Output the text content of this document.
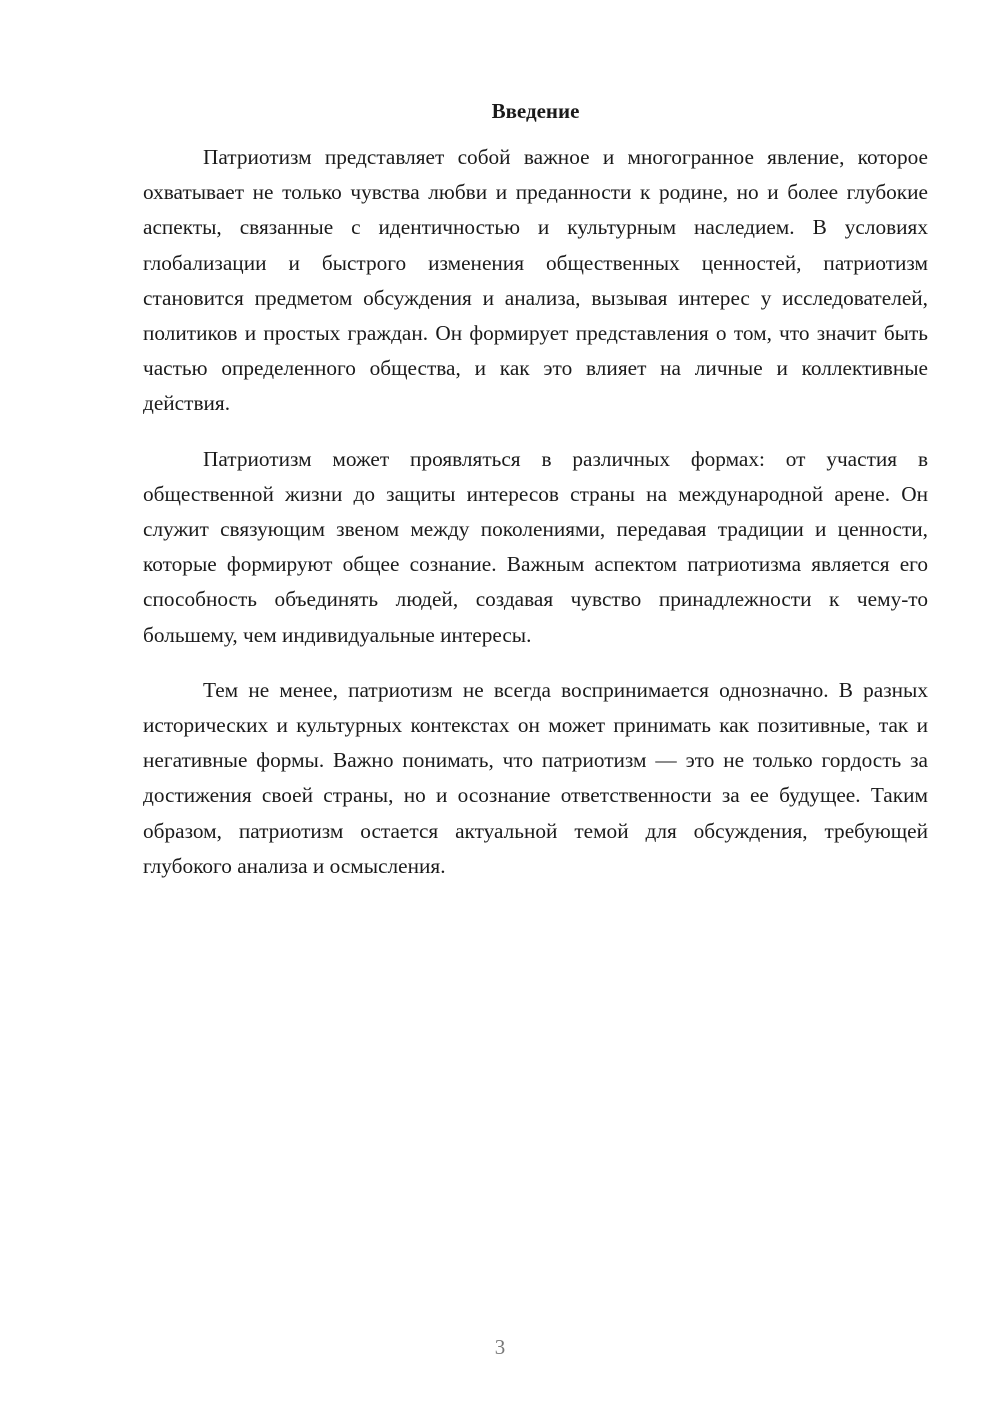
Введение

Патриотизм представляет собой важное и многогранное явление, которое охватывает не только чувства любви и преданности к родине, но и более глубокие аспекты, связанные с идентичностью и культурным наследием. В условиях глобализации и быстрого изменения общественных ценностей, патриотизм становится предметом обсуждения и анализа, вызывая интерес у исследователей, политиков и простых граждан. Он формирует представления о том, что значит быть частью определенного общества, и как это влияет на личные и коллективные действия.

Патриотизм может проявляться в различных формах: от участия в общественной жизни до защиты интересов страны на международной арене. Он служит связующим звеном между поколениями, передавая традиции и ценности, которые формируют общее сознание. Важным аспектом патриотизма является его способность объединять людей, создавая чувство принадлежности к чему-то большему, чем индивидуальные интересы.

Тем не менее, патриотизм не всегда воспринимается однозначно. В разных исторических и культурных контекстах он может принимать как позитивные, так и негативные формы. Важно понимать, что патриотизм — это не только гордость за достижения своей страны, но и осознание ответственности за ее будущее. Таким образом, патриотизм остается актуальной темой для обсуждения, требующей глубокого анализа и осмысления.

3
